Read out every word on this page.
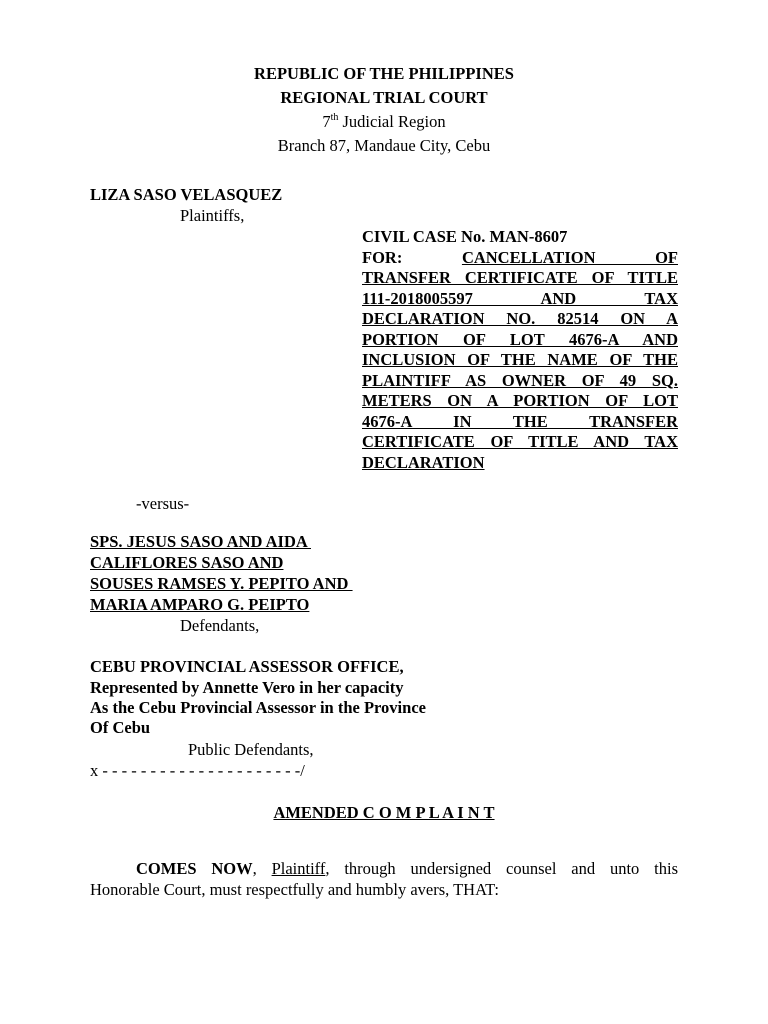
REPUBLIC OF THE PHILIPPINES
REGIONAL TRIAL COURT
7th Judicial Region
Branch 87, Mandaue City, Cebu
LIZA SASO VELASQUEZ
Plaintiffs,
CIVIL CASE No. MAN-8607
FOR:	CANCELLATION OF
TRANSFER CERTIFICATE OF TITLE
111-2018005597 AND TAX
DECLARATION NO. 82514 ON A
PORTION OF LOT 4676-A AND
INCLUSION OF THE NAME OF THE
PLAINTIFF AS OWNER OF 49 SQ.
METERS ON A PORTION OF LOT
4676-A IN THE TRANSFER
CERTIFICATE OF TITLE AND TAX
DECLARATION
-versus-
SPS. JESUS SASO AND AIDA
CALIFLORES SASO AND
SOUSES RAMSES Y. PEPITO AND
MARIA AMPARO G. PEIPTO
Defendants,
CEBU PROVINCIAL ASSESSOR OFFICE,
Represented by Annette Vero in her capacity
As the Cebu Provincial Assessor in the Province
Of Cebu
Public Defendants,
x - - - - - - - - - - - - - - - - - - - - -/
AMENDED C O M P L A I N T
COMES NOW, Plaintiff, through undersigned counsel and unto this
Honorable Court, must respectfully and humbly avers, THAT:
